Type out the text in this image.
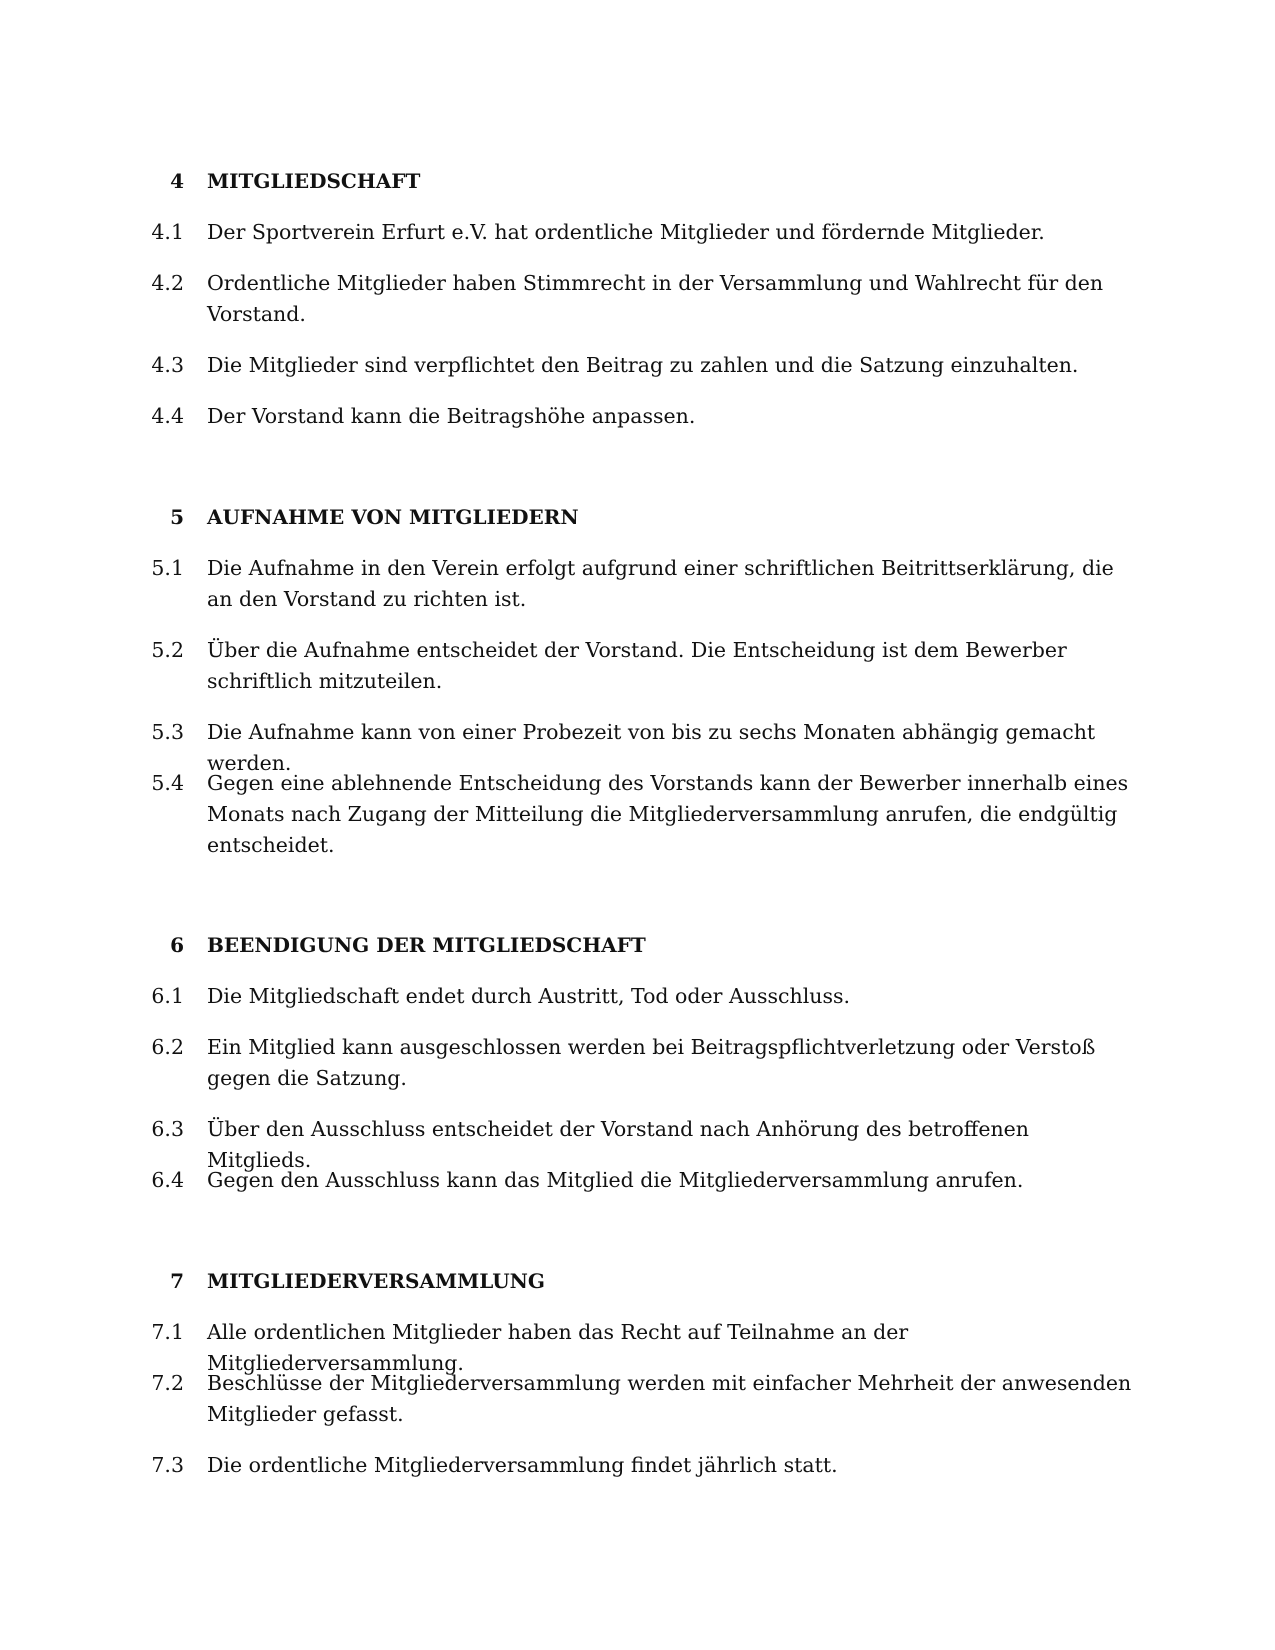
4 MITGLIEDSCHAFT
4.1 Der Sportverein Erfurt e.V. hat ordentliche Mitglieder und fördernde Mitglieder.
4.2 Ordentliche Mitglieder haben Stimmrecht in der Versammlung und Wahlrecht für den Vorstand.
4.3 Die Mitglieder sind verpflichtet den Beitrag zu zahlen und die Satzung einzuhalten.
4.4 Der Vorstand kann die Beitragshöhe anpassen.
5 AUFNAHME VON MITGLIEDERN
5.1 Die Aufnahme in den Verein erfolgt aufgrund einer schriftlichen Beitrittserklärung, die an den Vorstand zu richten ist.
5.2 Über die Aufnahme entscheidet der Vorstand. Die Entscheidung ist dem Bewerber schriftlich mitzuteilen.
5.3 Die Aufnahme kann von einer Probezeit von bis zu sechs Monaten abhängig gemacht werden.
5.4 Gegen eine ablehnende Entscheidung des Vorstands kann der Bewerber innerhalb eines Monats nach Zugang der Mitteilung die Mitgliederversammlung anrufen, die endgültig entscheidet.
6 BEENDIGUNG DER MITGLIEDSCHAFT
6.1 Die Mitgliedschaft endet durch Austritt, Tod oder Ausschluss.
6.2 Ein Mitglied kann ausgeschlossen werden bei Beitragspflichtverletzung oder Verstoß gegen die Satzung.
6.3 Über den Ausschluss entscheidet der Vorstand nach Anhörung des betroffenen Mitglieds.
6.4 Gegen den Ausschluss kann das Mitglied die Mitgliederversammlung anrufen.
7 MITGLIEDERVERSAMMLUNG
7.1 Alle ordentlichen Mitglieder haben das Recht auf Teilnahme an der Mitgliederversammlung.
7.2 Beschlüsse der Mitgliederversammlung werden mit einfacher Mehrheit der anwesenden Mitglieder gefasst.
7.3 Die ordentliche Mitgliederversammlung findet jährlich statt.
